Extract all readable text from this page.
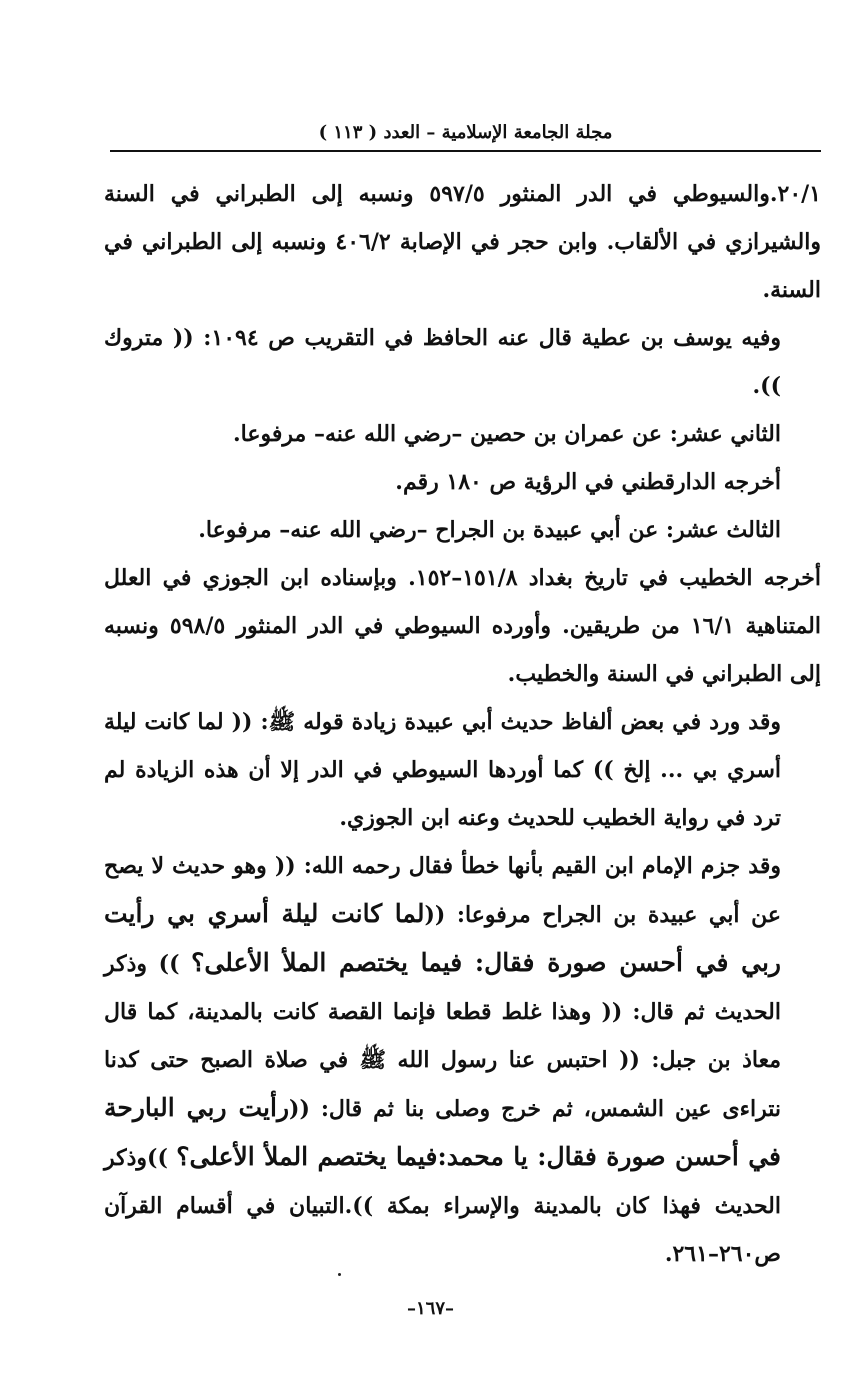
مجلة الجامعة الإسلامية – العدد ( ١١٣ )

٢٠/١.والسيوطي في الدر المنثور ٥٩٧/٥ ونسبه إلى الطبراني في السنة والشيرازي في الألقاب. وابن حجر في الإصابة ٤٠٦/٢ ونسبه إلى الطبراني في السنة.

وفيه يوسف بن عطية قال عنه الحافظ في التقريب ص ١٠٩٤: (( متروك )).

الثاني عشر: عن عمران بن حصين –رضي الله عنه– مرفوعا.

أخرجه الدارقطني في الرؤية ص ١٨٠ رقم.

الثالث عشر: عن أبي عبيدة بن الجراح –رضي الله عنه– مرفوعا.

أخرجه الخطيب في تاريخ بغداد ١٥١/٨–١٥٢. وبإسناده ابن الجوزي في العلل المتناهية ١٦/١ من طريقين. وأورده السيوطي في الدر المنثور ٥٩٨/٥ ونسبه إلى الطبراني في السنة والخطيب.

وقد ورد في بعض ألفاظ حديث أبي عبيدة زيادة قوله ﷺ: (( لما كانت ليلة أسري بي ... إلخ )) كما أوردها السيوطي في الدر إلا أن هذه الزيادة لم ترد في رواية الخطيب للحديث وعنه ابن الجوزي.

وقد جزم الإمام ابن القيم بأنها خطأ فقال رحمه الله: (( وهو حديث لا يصح عن أبي عبيدة بن الجراح مرفوعا: ((لما كانت ليلة أسري بي رأيت ربي في أحسن صورة فقال: فيما يختصم الملأ الأعلى؟ )) وذكر الحديث ثم قال: (( وهذا غلط قطعا فإنما القصة كانت بالمدينة، كما قال معاذ بن جبل: (( احتبس عنا رسول الله ﷺ في صلاة الصبح حتى كدنا نتراءى عين الشمس، ثم خرج وصلى بنا ثم قال: ((رأيت ربي البارحة في أحسن صورة فقال: يا محمد:فيما يختصم الملأ الأعلى؟ ))وذكر الحديث فهذا كان بالمدينة والإسراء بمكة )).التبيان في أقسام القرآن ص٢٦٠–٢٦١.

–١٦٧–
